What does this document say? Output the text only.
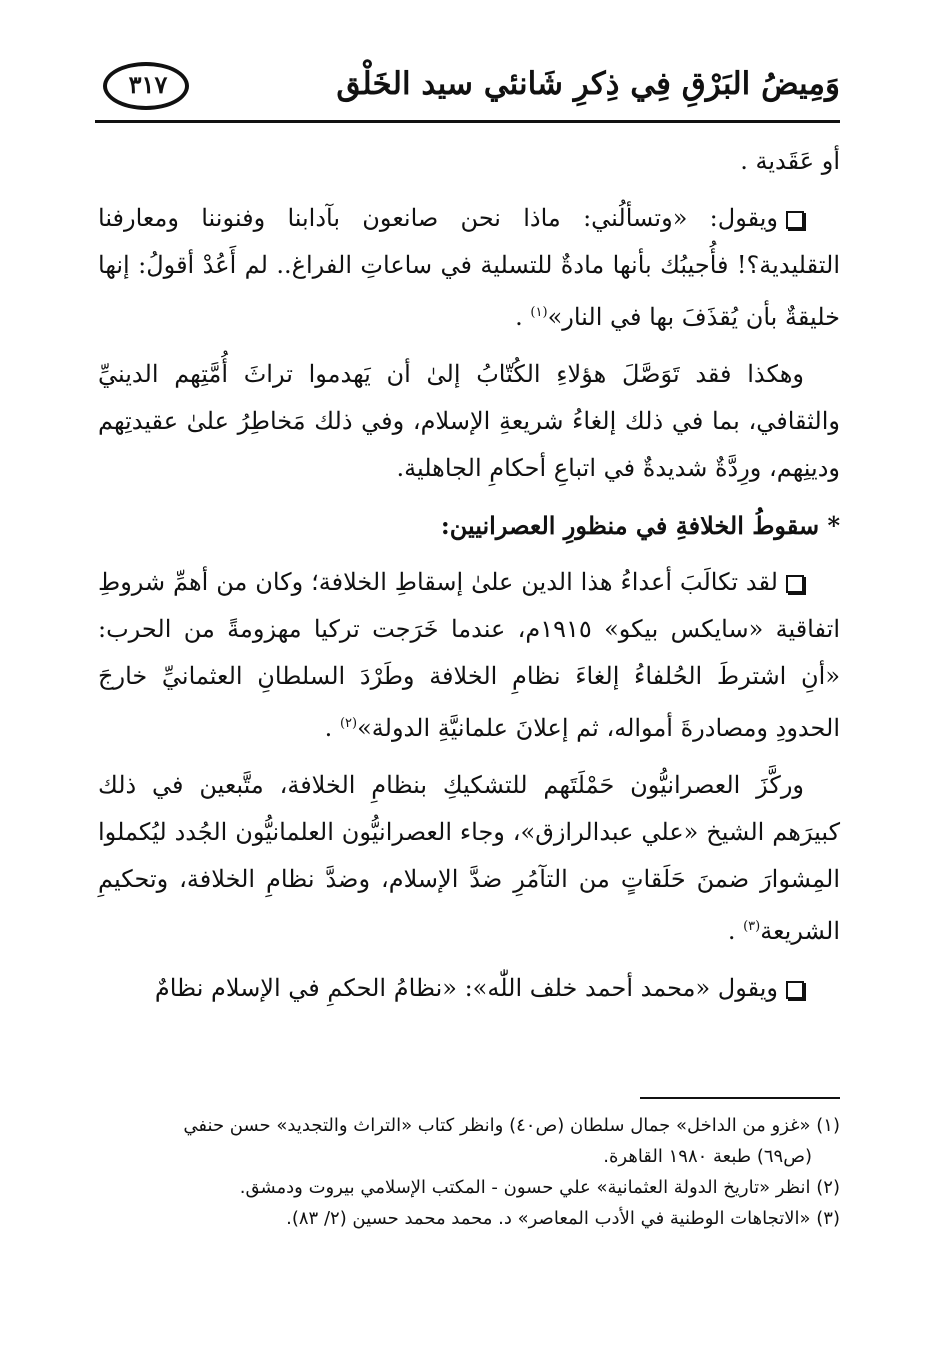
وَمِيضُ البَرْقِ فِي ذِكرِ شَانئي سيد الخَلْق
٣١٧

أو عَقَدية .

ويقول: «وتسألُني: ماذا نحن صانعون بآدابنا وفنوننا ومعارفنا التقليدية؟! فأُجيبُك بأنها مادةٌ للتسلية في ساعاتِ الفراغ.. لم أَعُدْ أقولُ: إنها خليقةٌ بأن يُقذَفَ بها في النار»$^{(١)}$ .

وهكذا فقد تَوَصَّلَ هؤلاءِ الكُتّابُ إلىٰ أن يَهدموا تراثَ أُمَّتِهم الدينيِّ والثقافي، بما في ذلك إلغاءُ شريعةِ الإسلام، وفي ذلك مَخاطِرُ علىٰ عقيدتِهم ودينِهم، ورِدَّةٌ شديدةٌ في اتباعِ أحكامِ الجاهلية.

* سقوطُ الخلافةِ في منظورِ العصرانيين:

لقد تكالَبَ أعداءُ هذا الدين علىٰ إسقاطِ الخلافة؛ وكان من أهمِّ شروطِ اتفاقية «سايكس بيكو» ١٩١٥م، عندما خَرَجت تركيا مهزومةً من الحرب: «أنِ اشترطَ الحُلفاءُ إلغاءَ نظامِ الخلافة وطَرْدَ السلطانِ العثمانيِّ خارجَ الحدودِ ومصادرةَ أمواله، ثم إعلانَ علمانيَّةِ الدولة»$^{(٢)}$ .

وركَّزَ العصرانيُّون حَمْلَتَهم للتشكيكِ بنظامِ الخلافة، متَّبعين في ذلك كبيرَهم الشيخ «علي عبدالرازق»، وجاء العصرانيُّون العلمانيُّون الجُدد ليُكملوا المِشوارَ ضمنَ حَلَقاتٍ من التآمُرِ ضدَّ الإسلام، وضدَّ نظامِ الخلافة، وتحكيمِ الشريعة$^{(٣)}$ .

ويقول «محمد أحمد خلف اللّٰه»: «نظامُ الحكمِ في الإسلام نظامٌ

(١) «غزو من الداخل» جمال سلطان (ص٤٠) وانظر كتاب «التراث والتجديد» حسن حنفي

(ص٦٩) طبعة ١٩٨٠ القاهرة.

(٢) انظر «تاريخ الدولة العثمانية» علي حسون - المكتب الإسلامي بيروت ودمشق.

(٣) «الاتجاهات الوطنية في الأدب المعاصر» د. محمد محمد حسين (٢/ ٨٣).
